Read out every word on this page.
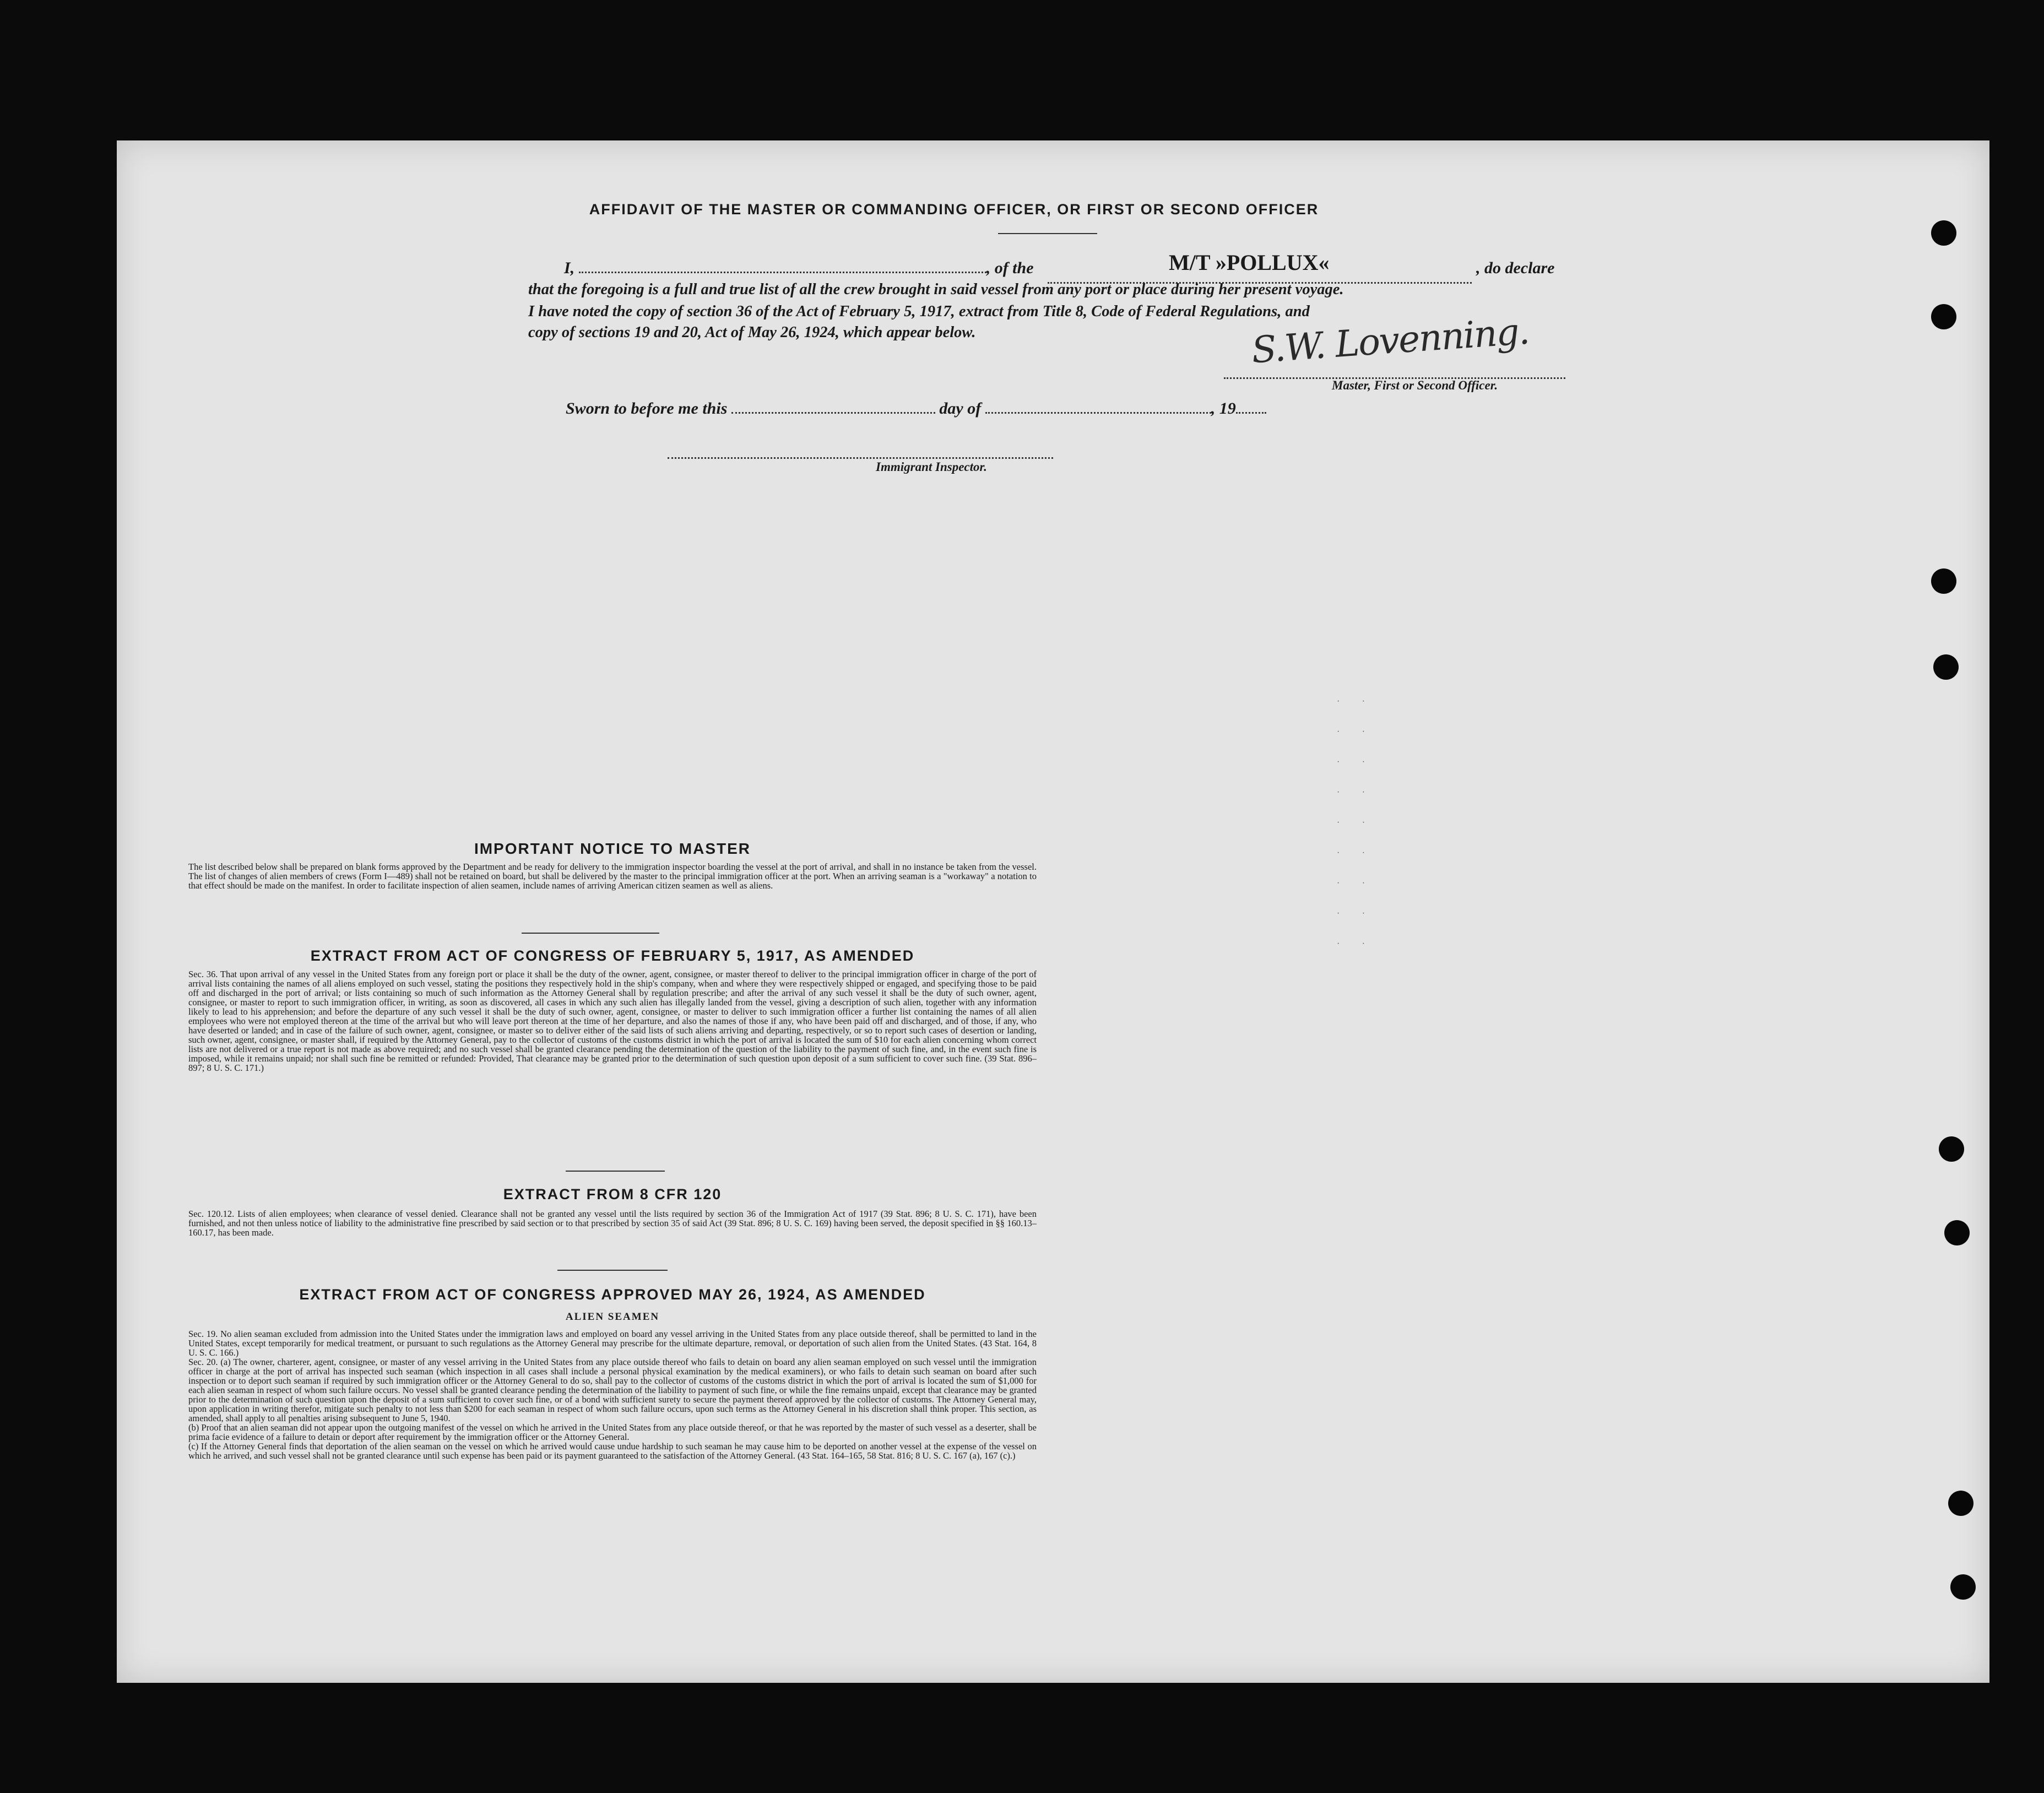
AFFIDAVIT OF THE MASTER OR COMMANDING OFFICER, OR FIRST OR SECOND OFFICER
I,	, of the	M/T »POLLUX«	, do declare
that the foregoing is a full and true list of all the crew brought in said vessel from any port or place during her present voyage.
I have noted the copy of section 36 of the Act of February 5, 1917, extract from Title 8, Code of Federal Regulations, and
copy of sections 19 and 20, Act of May 26, 1924, which appear below.	S.W. Lovenning.
Master, First or Second Officer.
Sworn to before me this	day of	, 19
Immigrant Inspector.
· ·
· ·
· ·
· ·
· ·
· ·
· ·
· ·
· ·
IMPORTANT NOTICE TO MASTER
The list described below shall be prepared on blank forms approved by the Department and be ready for delivery to the immigration inspector boarding the vessel at the port of arrival, and shall in no instance be taken from the vessel. The list of changes of alien members of crews (Form I—489) shall not be retained on board, but shall be delivered by the master to the principal immigration officer at the port. When an arriving seaman is a "workaway" a notation to that effect should be made on the manifest. In order to facilitate inspection of alien seamen, include names of arriving American citizen seamen as well as aliens.
EXTRACT FROM ACT OF CONGRESS OF FEBRUARY 5, 1917, AS AMENDED
Sec. 36. That upon arrival of any vessel in the United States from any foreign port or place it shall be the duty of the owner, agent, consignee, or master thereof to deliver to the principal immigration officer in charge of the port of arrival lists containing the names of all aliens employed on such vessel, stating the positions they respectively hold in the ship's company, when and where they were respectively shipped or engaged, and specifying those to be paid off and discharged in the port of arrival; or lists containing so much of such information as the Attorney General shall by regulation prescribe; and after the arrival of any such vessel it shall be the duty of such owner, agent, consignee, or master to report to such immigration officer, in writing, as soon as discovered, all cases in which any such alien has illegally landed from the vessel, giving a description of such alien, together with any information likely to lead to his apprehension; and before the departure of any such vessel it shall be the duty of such owner, agent, consignee, or master to deliver to such immigration officer a further list containing the names of all alien employees who were not employed thereon at the time of the arrival but who will leave port thereon at the time of her departure, and also the names of those if any, who have been paid off and discharged, and of those, if any, who have deserted or landed; and in case of the failure of such owner, agent, consignee, or master so to deliver either of the said lists of such aliens arriving and departing, respectively, or so to report such cases of desertion or landing, such owner, agent, consignee, or master shall, if required by the Attorney General, pay to the collector of customs of the customs district in which the port of arrival is located the sum of $10 for each alien concerning whom correct lists are not delivered or a true report is not made as above required; and no such vessel shall be granted clearance pending the determination of the question of the liability to the payment of such fine, and, in the event such fine is imposed, while it remains unpaid; nor shall such fine be remitted or refunded: Provided, That clearance may be granted prior to the determination of such question upon deposit of a sum sufficient to cover such fine. (39 Stat. 896–897; 8 U. S. C. 171.)
EXTRACT FROM 8 CFR 120
Sec. 120.12. Lists of alien employees; when clearance of vessel denied. Clearance shall not be granted any vessel until the lists required by section 36 of the Immigration Act of 1917 (39 Stat. 896; 8 U. S. C. 171), have been furnished, and not then unless notice of liability to the administrative fine prescribed by said section or to that prescribed by section 35 of said Act (39 Stat. 896; 8 U. S. C. 169) having been served, the deposit specified in §§ 160.13–160.17, has been made.
EXTRACT FROM ACT OF CONGRESS APPROVED MAY 26, 1924, AS AMENDED
ALIEN SEAMEN

Sec. 19. No alien seaman excluded from admission into the United States under the immigration laws and employed on board any vessel arriving in the United States from any place outside thereof, shall be permitted to land in the United States, except temporarily for medical treatment, or pursuant to such regulations as the Attorney General may prescribe for the ultimate departure, removal, or deportation of such alien from the United States. (43 Stat. 164, 8 U. S. C. 166.)

Sec. 20. (a) The owner, charterer, agent, consignee, or master of any vessel arriving in the United States from any place outside thereof who fails to detain on board any alien seaman employed on such vessel until the immigration officer in charge at the port of arrival has inspected such seaman (which inspection in all cases shall include a personal physical examination by the medical examiners), or who fails to detain such seaman on board after such inspection or to deport such seaman if required by such immigration officer or the Attorney General to do so, shall pay to the collector of customs of the customs district in which the port of arrival is located the sum of $1,000 for each alien seaman in respect of whom such failure occurs. No vessel shall be granted clearance pending the determination of the liability to payment of such fine, or while the fine remains unpaid, except that clearance may be granted prior to the determination of such question upon the deposit of a sum sufficient to cover such fine, or of a bond with sufficient surety to secure the payment thereof approved by the collector of customs. The Attorney General may, upon application in writing therefor, mitigate such penalty to not less than $200 for each seaman in respect of whom such failure occurs, upon such terms as the Attorney General in his discretion shall think proper. This section, as amended, shall apply to all penalties arising subsequent to June 5, 1940.

(b) Proof that an alien seaman did not appear upon the outgoing manifest of the vessel on which he arrived in the United States from any place outside thereof, or that he was reported by the master of such vessel as a deserter, shall be prima facie evidence of a failure to detain or deport after requirement by the immigration officer or the Attorney General.

(c) If the Attorney General finds that deportation of the alien seaman on the vessel on which he arrived would cause undue hardship to such seaman he may cause him to be deported on another vessel at the expense of the vessel on which he arrived, and such vessel shall not be granted clearance until such expense has been paid or its payment guaranteed to the satisfaction of the Attorney General. (43 Stat. 164–165, 58 Stat. 816; 8 U. S. C. 167 (a), 167 (c).)
